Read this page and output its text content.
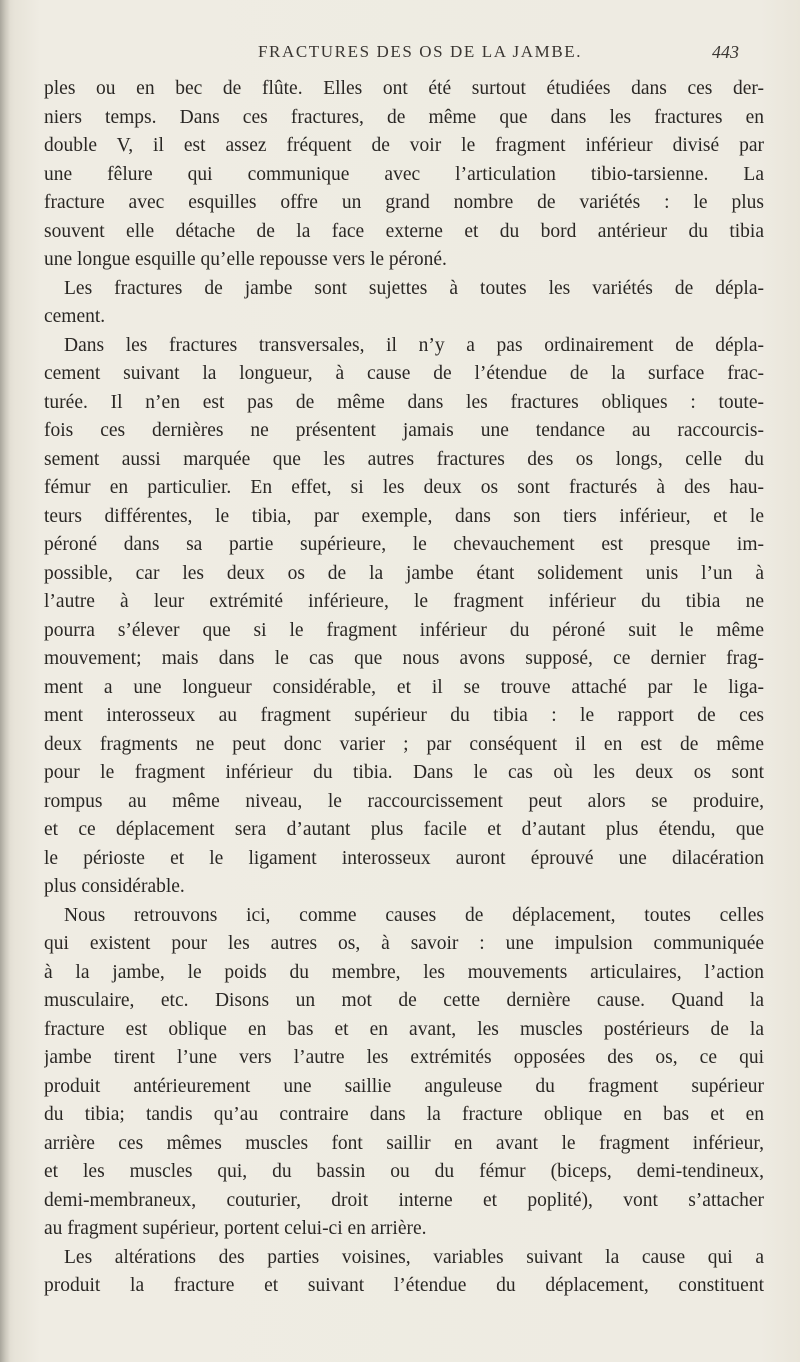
FRACTURES DES OS DE LA JAMBE.	443
ples ou en bec de flûte. Elles ont été surtout étudiées dans ces der-
niers temps. Dans ces fractures, de même que dans les fractures en
double V, il est assez fréquent de voir le fragment inférieur divisé par
une fêlure qui communique avec l’articulation tibio-tarsienne. La
fracture avec esquilles offre un grand nombre de variétés : le plus
souvent elle détache de la face externe et du bord antérieur du tibia
une longue esquille qu’elle repousse vers le péroné.
Les fractures de jambe sont sujettes à toutes les variétés de dépla-
cement.
Dans les fractures transversales, il n’y a pas ordinairement de dépla-
cement suivant la longueur, à cause de l’étendue de la surface frac-
turée. Il n’en est pas de même dans les fractures obliques : toute-
fois ces dernières ne présentent jamais une tendance au raccourcis-
sement aussi marquée que les autres fractures des os longs, celle du
fémur en particulier. En effet, si les deux os sont fracturés à des hau-
teurs différentes, le tibia, par exemple, dans son tiers inférieur, et le
péroné dans sa partie supérieure, le chevauchement est presque im-
possible, car les deux os de la jambe étant solidement unis l’un à
l’autre à leur extrémité inférieure, le fragment inférieur du tibia ne
pourra s’élever que si le fragment inférieur du péroné suit le même
mouvement; mais dans le cas que nous avons supposé, ce dernier frag-
ment a une longueur considérable, et il se trouve attaché par le liga-
ment interosseux au fragment supérieur du tibia : le rapport de ces
deux fragments ne peut donc varier ; par conséquent il en est de même
pour le fragment inférieur du tibia. Dans le cas où les deux os sont
rompus au même niveau, le raccourcissement peut alors se produire,
et ce déplacement sera d’autant plus facile et d’autant plus étendu, que
le périoste et le ligament interosseux auront éprouvé une dilacération
plus considérable.
Nous retrouvons ici, comme causes de déplacement, toutes celles
qui existent pour les autres os, à savoir : une impulsion communiquée
à la jambe, le poids du membre, les mouvements articulaires, l’action
musculaire, etc. Disons un mot de cette dernière cause. Quand la
fracture est oblique en bas et en avant, les muscles postérieurs de la
jambe tirent l’une vers l’autre les extrémités opposées des os, ce qui
produit antérieurement une saillie anguleuse du fragment supérieur
du tibia; tandis qu’au contraire dans la fracture oblique en bas et en
arrière ces mêmes muscles font saillir en avant le fragment inférieur,
et les muscles qui, du bassin ou du fémur (biceps, demi-tendineux,
demi-membraneux, couturier, droit interne et poplité), vont s’attacher
au fragment supérieur, portent celui-ci en arrière.
Les altérations des parties voisines, variables suivant la cause qui a
produit la fracture et suivant l’étendue du déplacement, constituent
